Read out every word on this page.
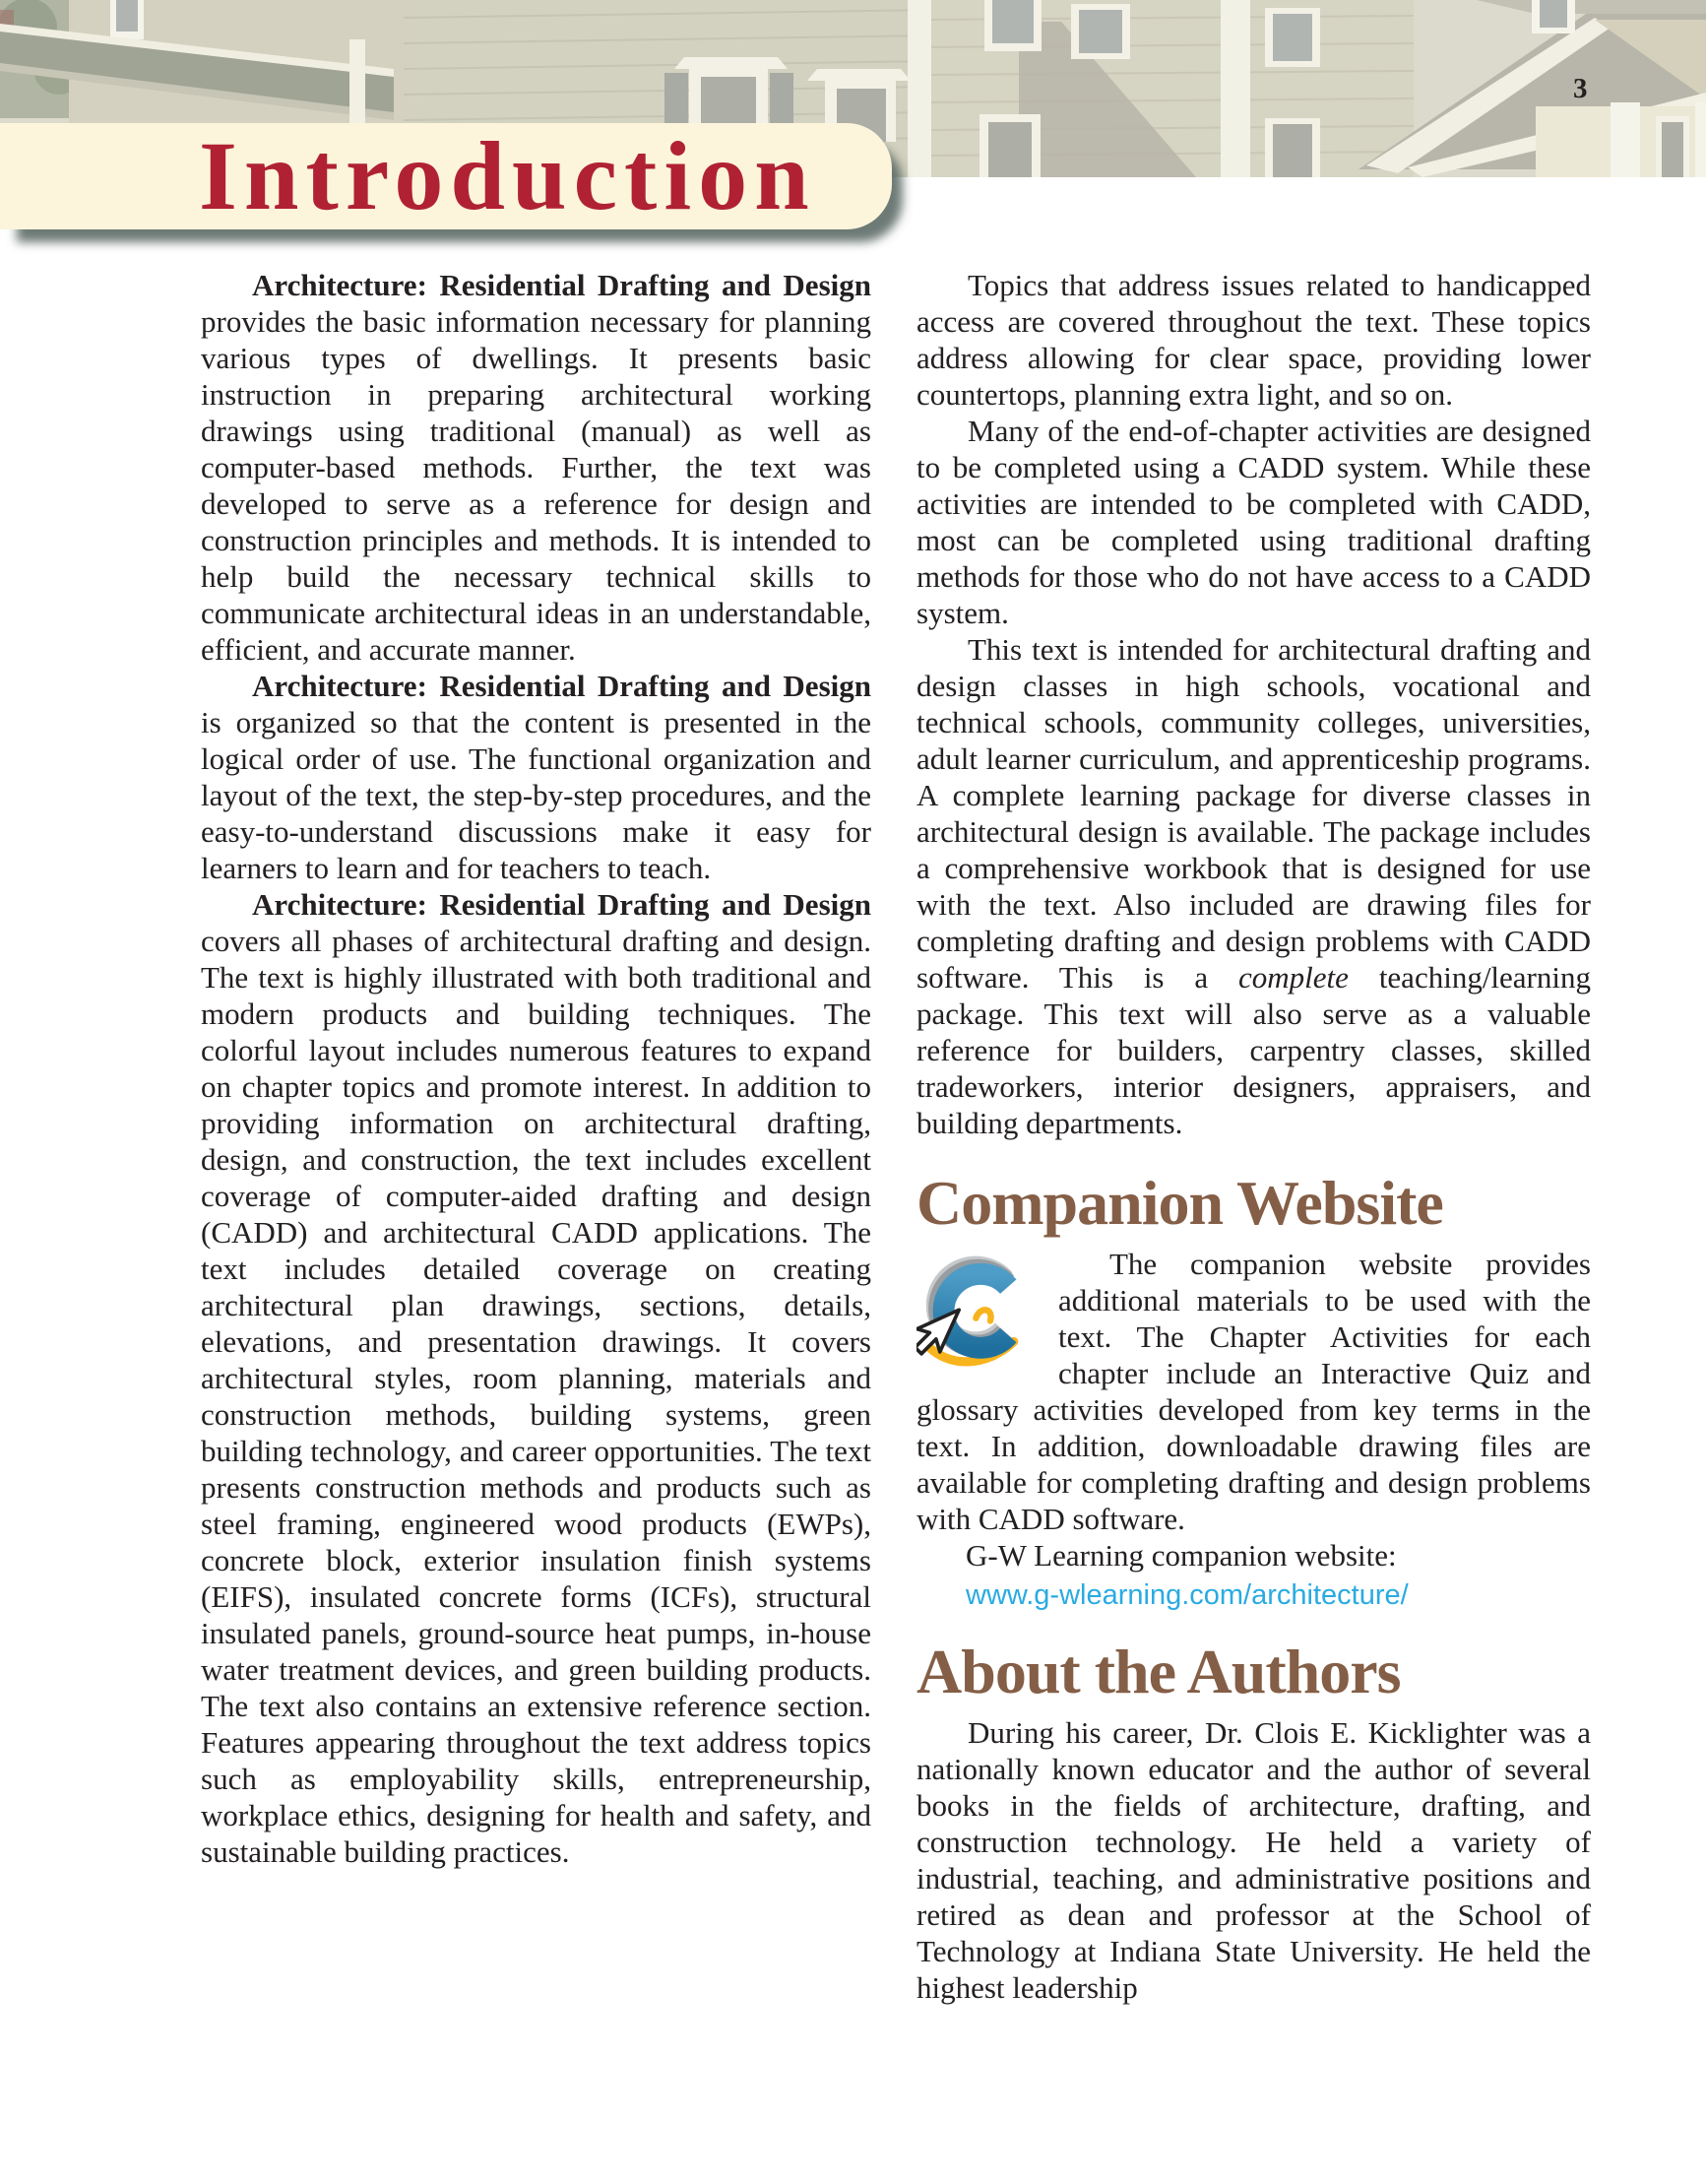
3
Introduction

Architecture: Residential Drafting and Design provides the basic information necessary for planning various types of dwellings. It presents basic instruction in preparing architectural working drawings using traditional (manual) as well as computer-based methods. Further, the text was developed to serve as a reference for design and construction principles and methods. It is intended to help build the necessary technical skills to communicate architectural ideas in an understandable, efficient, and accurate manner.

Architecture: Residential Drafting and Design is organized so that the content is presented in the logical order of use. The functional organization and layout of the text, the step-by-step procedures, and the easy-to-understand discussions make it easy for learners to learn and for teachers to teach.

Architecture: Residential Drafting and Design covers all phases of architectural drafting and design. The text is highly illustrated with both traditional and modern products and building techniques. The colorful layout includes numerous features to expand on chapter topics and promote interest. In addition to providing information on architectural drafting, design, and construction, the text includes excellent coverage of computer-aided drafting and design (CADD) and architectural CADD applications. The text includes detailed coverage on creating architectural plan drawings, sections, details, elevations, and presentation drawings. It covers architectural styles, room planning, materials and construction methods, building systems, green building technology, and career opportunities. The text presents construction methods and products such as steel framing, engineered wood products (EWPs), concrete block, exterior insulation finish systems (EIFS), insulated concrete forms (ICFs), structural insulated panels, ground-source heat pumps, in-house water treatment devices, and green building products. The text also contains an extensive reference section. Features appearing throughout the text address topics such as employability skills, entrepreneurship, workplace ethics, designing for health and safety, and sustainable building practices.

Topics that address issues related to handicapped access are covered throughout the text. These topics address allowing for clear space, providing lower countertops, planning extra light, and so on.

Many of the end-of-chapter activities are designed to be completed using a CADD system. While these activities are intended to be completed with CADD, most can be completed using traditional drafting methods for those who do not have access to a CADD system.

This text is intended for architectural drafting and design classes in high schools, vocational and technical schools, community colleges, universities, adult learner curriculum, and apprenticeship programs. A complete learning package for diverse classes in architectural design is available. The package includes a comprehensive workbook that is designed for use with the text. Also included are drawing files for completing drafting and design problems with CADD software. This is a complete teaching/learning package. This text will also serve as a valuable reference for builders, carpentry classes, skilled tradeworkers, interior designers, appraisers, and building departments.

Companion Website

The companion website provides additional materials to be used with the text. The Chapter Activities for each chapter include an Interactive Quiz and glossary activities developed from key terms in the text. In addition, downloadable drawing files are available for completing drafting and design problems with CADD software.

G-W Learning companion website:

www.g-wlearning.com/architecture/

About the Authors

During his career, Dr. Clois E. Kicklighter was a nationally known educator and the author of several books in the fields of architecture, drafting, and construction technology. He held a variety of industrial, teaching, and administrative positions and retired as dean and professor at the School of Technology at Indiana State University. He held the highest leadership
